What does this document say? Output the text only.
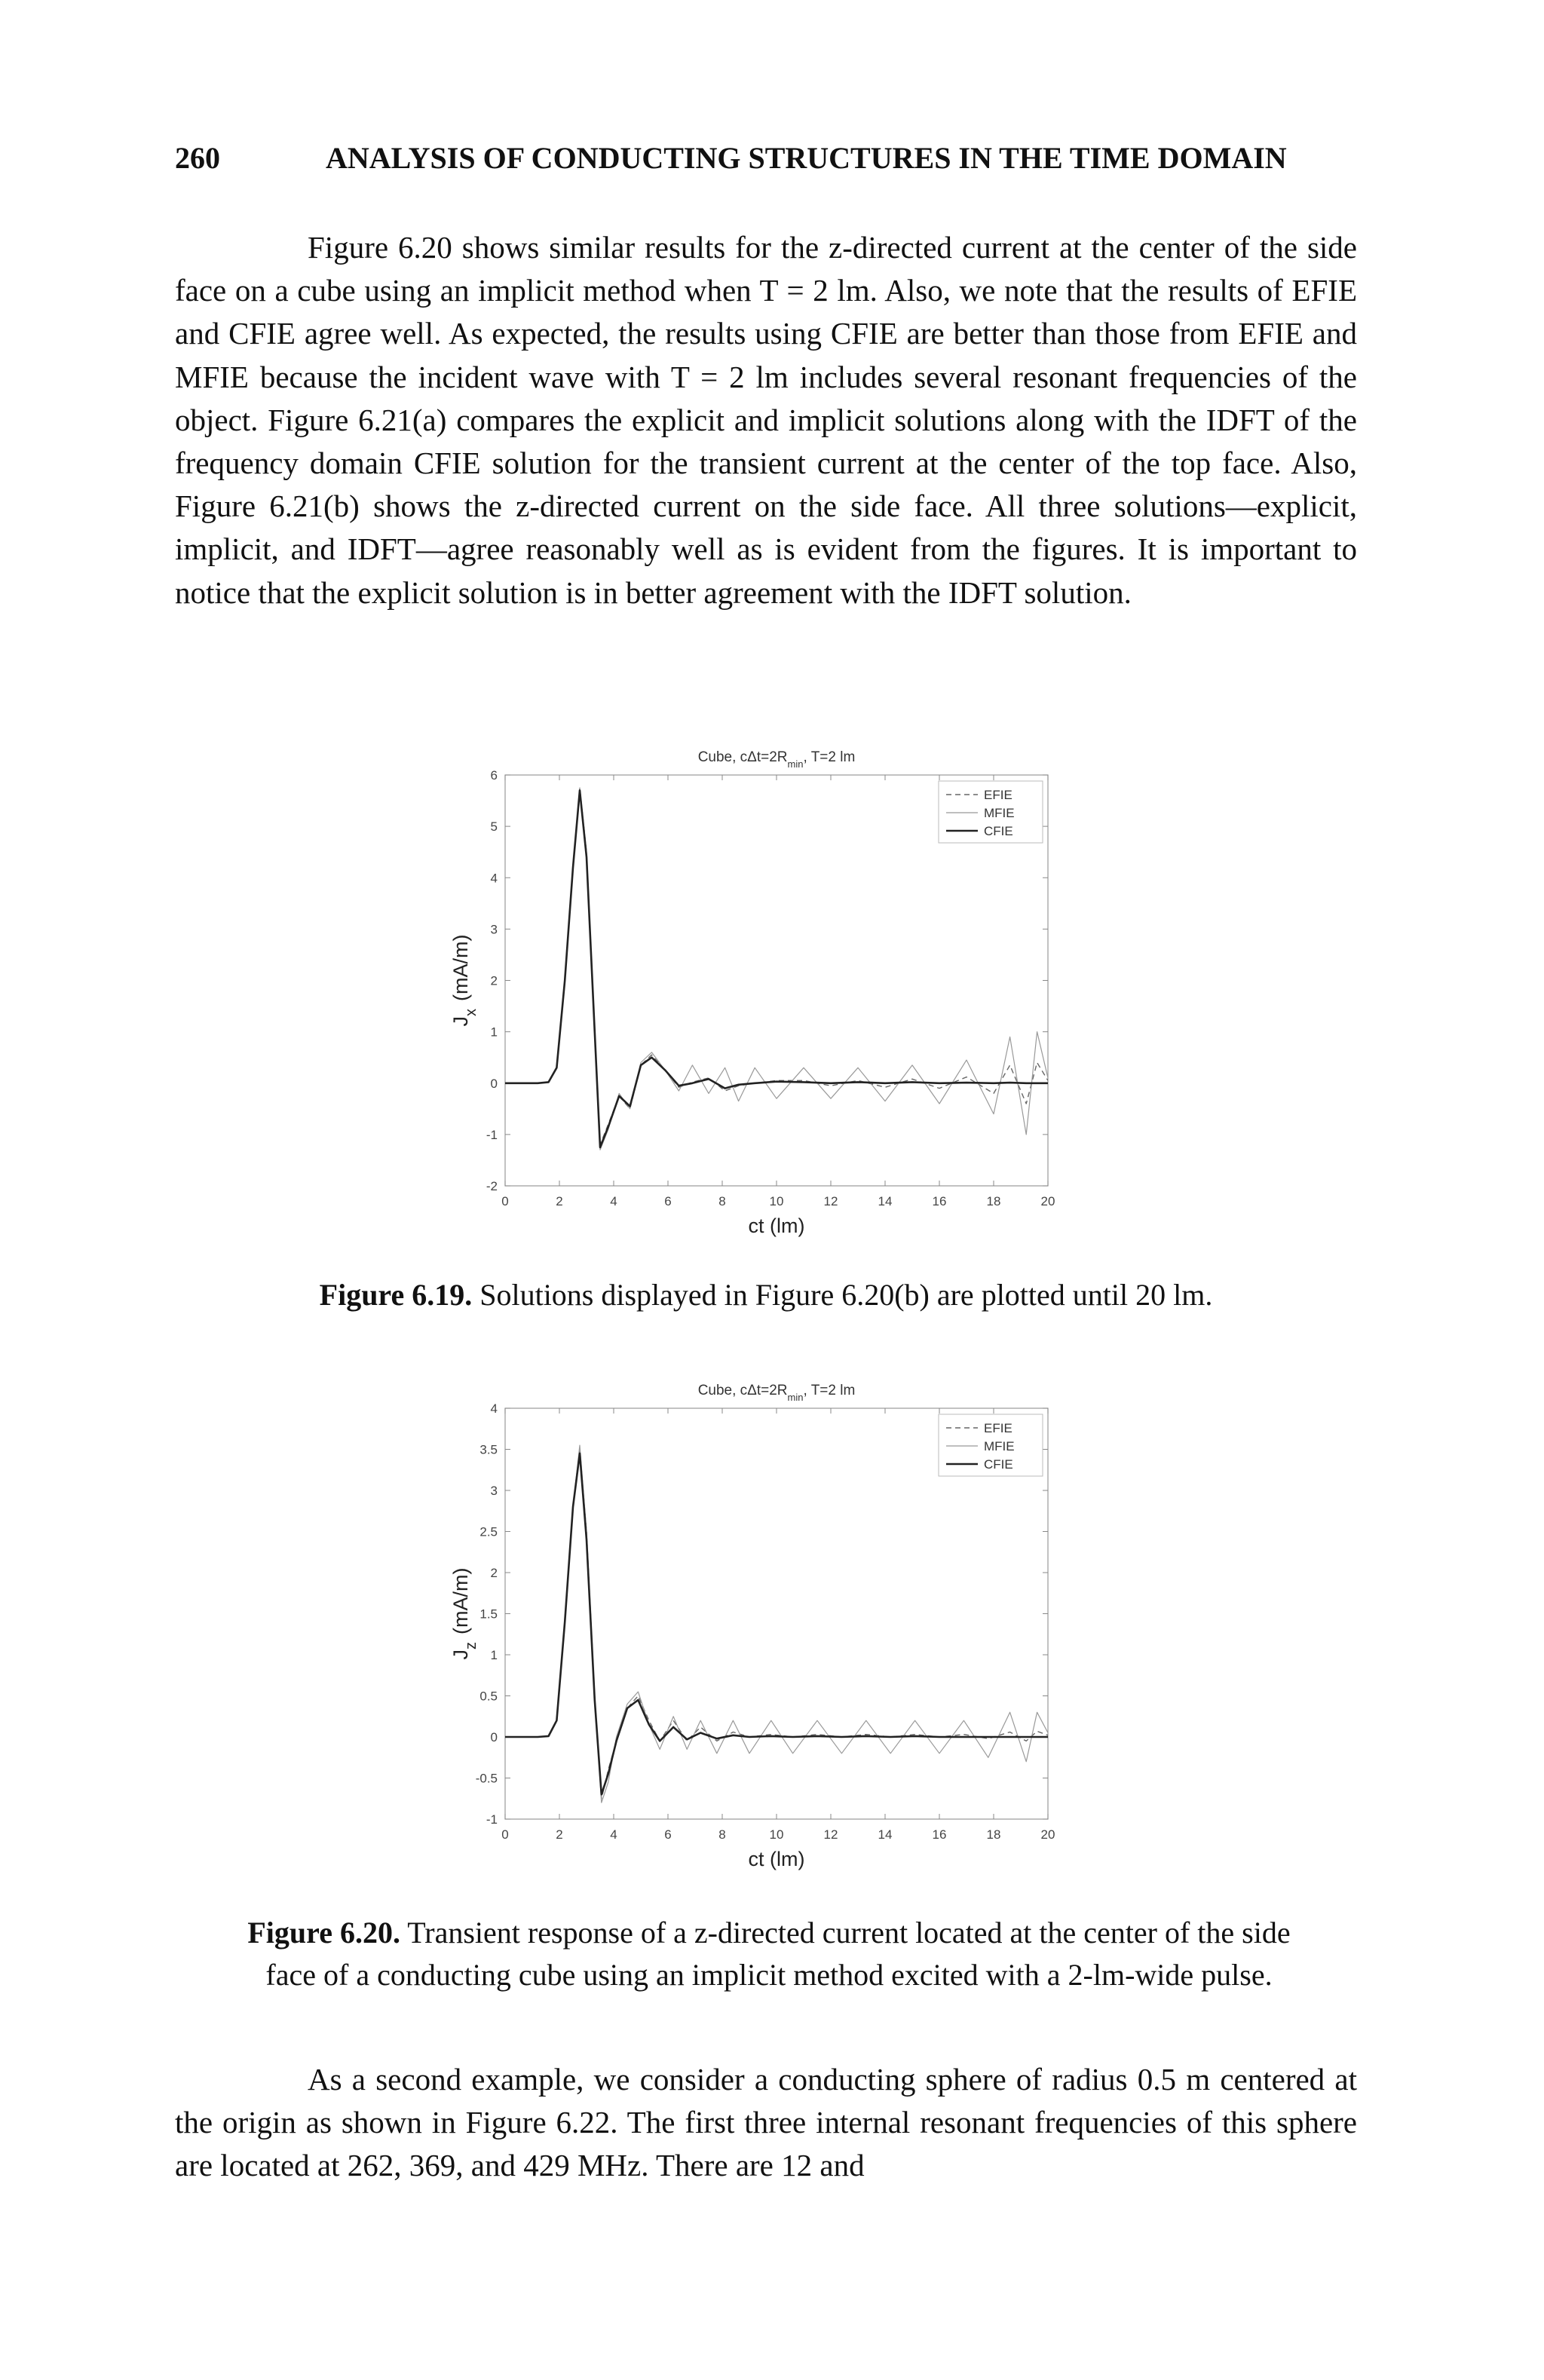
260	ANALYSIS OF CONDUCTING STRUCTURES IN THE TIME DOMAIN

Figure 6.20 shows similar results for the z-directed current at the center of the side face on a cube using an implicit method when T = 2 lm. Also, we note that the results of EFIE and CFIE agree well. As expected, the results using CFIE are better than those from EFIE and MFIE because the incident wave with T = 2 lm includes several resonant frequencies of the object. Figure 6.21(a) compares the explicit and implicit solutions along with the IDFT of the frequency domain CFIE solution for the transient current at the center of the top face. Also, Figure 6.21(b) shows the z-directed current on the side face. All three solutions—explicit, implicit, and IDFT—agree reasonably well as is evident from the figures. It is important to notice that the explicit solution is in better agreement with the IDFT solution.

Cube, $c\Delta t=2R_{min}$, T=2 lm
0	2	4	6	8	10	12	14	16	18	20
-2
-1
0
1
2
3
4
5
6
ct (lm)
$J_x(mA/m)$
EFIE
MFIE
CFIE
Figure 6.19. Solutions displayed in Figure 6.20(b) are plotted until 20 lm.
Cube, $c\Delta t=2R_{min}$, T=2 lm
0	2	4	6	8	10	12	14	16	18	20
-1
-0.5
0
0.5
1
1.5
2
2.5
3
3.5
4
ct (lm)
$J_z(mA/m)$
EFIE
MFIE
CFIE
Figure 6.20. Transient response of a z-directed current located at the center of the side face of a conducting cube using an implicit method excited with a 2-lm-wide pulse.

As a second example, we consider a conducting sphere of radius 0.5 m centered at the origin as shown in Figure 6.22. The first three internal resonant frequencies of this sphere are located at 262, 369, and 429 MHz. There are 12 and
